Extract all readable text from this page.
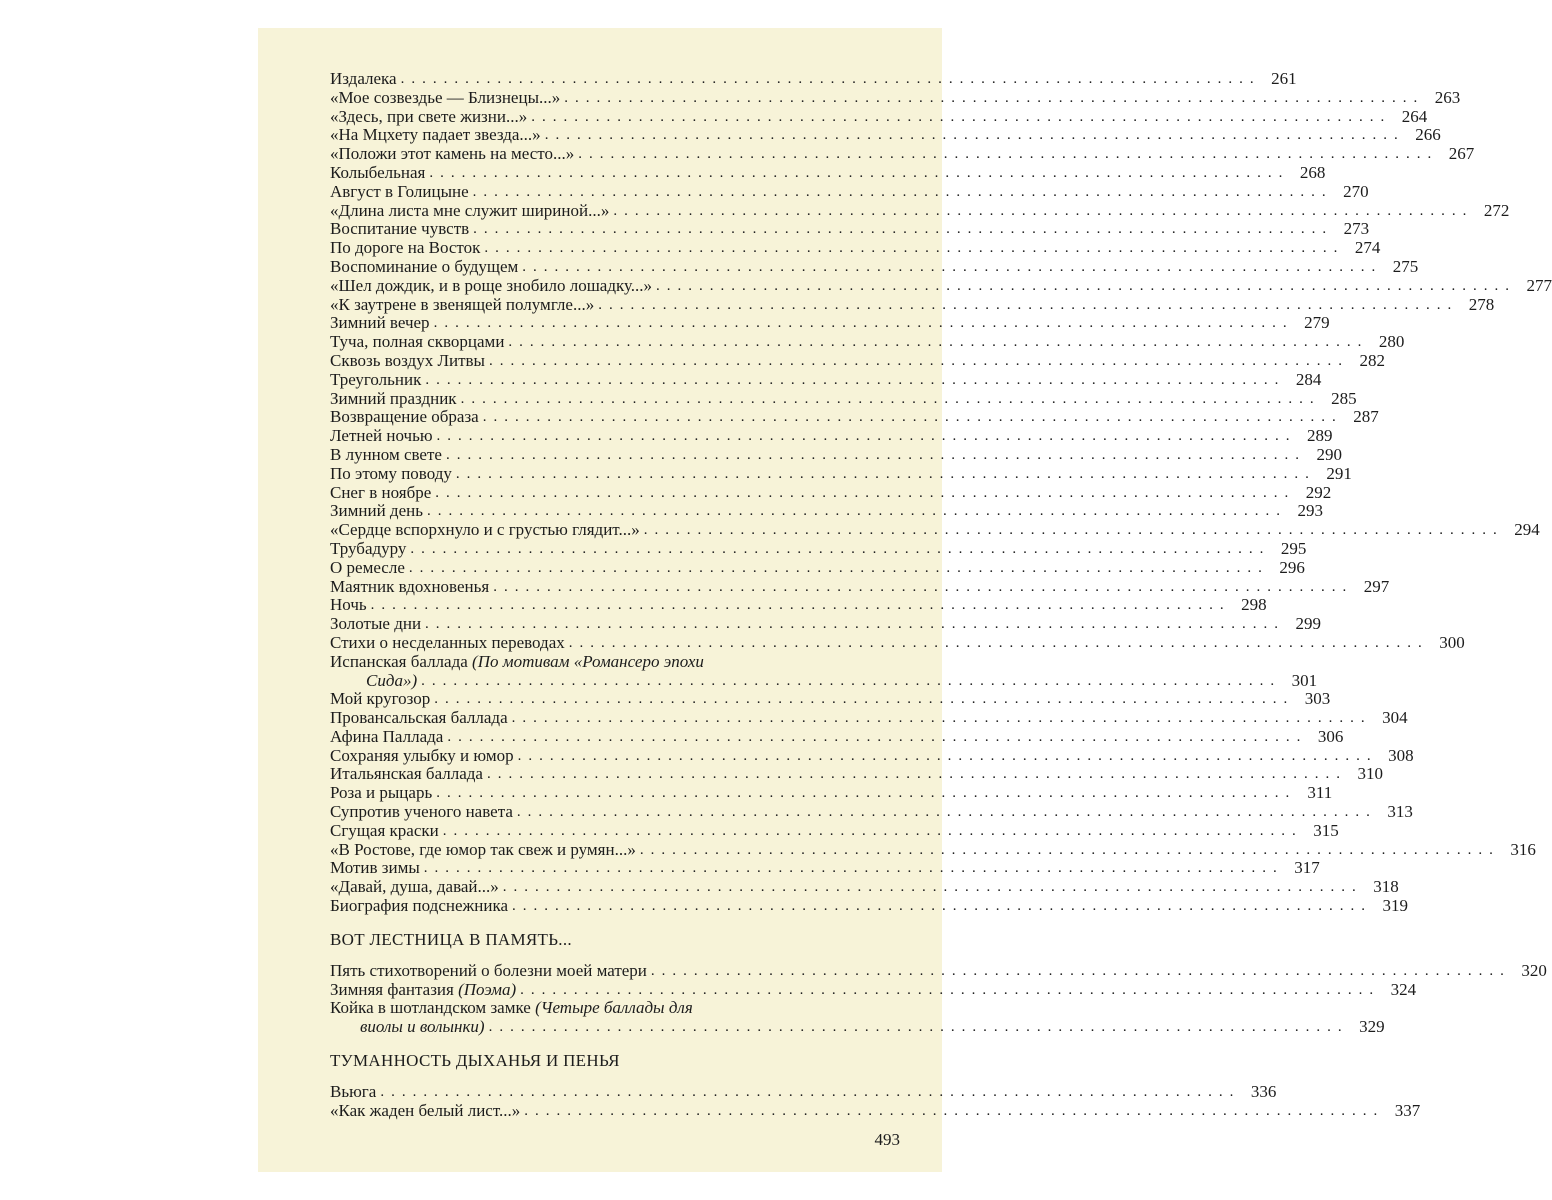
Издалека ................................................................................ 261
«Мое созвездье — Близнецы...» ................................................................................ 263
«Здесь, при свете жизни...» ................................................................................ 264
«На Мцхету падает звезда...» ................................................................................ 266
«Положи этот камень на место...» ................................................................................ 267
Колыбельная ................................................................................ 268
Август в Голицыне ................................................................................ 270
«Длина листа мне служит шириной...» ................................................................................ 272
Воспитание чувств ................................................................................ 273
По дороге на Восток ................................................................................ 274
Воспоминание о будущем ................................................................................ 275
«Шел дождик, и в роще знобило лошадку...» ................................................................................ 277
«К заутрене в звенящей полумгле...» ................................................................................ 278
Зимний вечер ................................................................................ 279
Туча, полная скворцами ................................................................................ 280
Сквозь воздух Литвы ................................................................................ 282
Треугольник ................................................................................ 284
Зимний праздник ................................................................................ 285
Возвращение образа ................................................................................ 287
Летней ночью ................................................................................ 289
В лунном свете ................................................................................ 290
По этому поводу ................................................................................ 291
Снег в ноябре ................................................................................ 292
Зимний день ................................................................................ 293
«Сердце вспорхнуло и с грустью глядит...» ................................................................................ 294
Трубадуру ................................................................................ 295
О ремесле ................................................................................ 296
Маятник вдохновенья ................................................................................ 297
Ночь ................................................................................ 298
Золотые дни ................................................................................ 299
Стихи о несделанных переводах ................................................................................ 300
Испанская баллада (По мотивам «Романсеро эпохи
Сида») ................................................................................ 301
Мой кругозор ................................................................................ 303
Провансальская баллада ................................................................................ 304
Афина Паллада ................................................................................ 306
Сохраняя улыбку и юмор ................................................................................ 308
Итальянская баллада ................................................................................ 310
Роза и рыцарь ................................................................................ 311
Супротив ученого навета ................................................................................ 313
Сгущая краски ................................................................................ 315
«В Ростове, где юмор так свеж и румян...» ................................................................................ 316
Мотив зимы ................................................................................ 317
«Давай, душа, давай...» ................................................................................ 318
Биография подснежника ................................................................................ 319
ВОТ ЛЕСТНИЦА В ПАМЯТЬ...
Пять стихотворений о болезни моей матери ................................................................................ 320
Зимняя фантазия (Поэма) ................................................................................ 324
Койка в шотландском замке (Четыре баллады для
виолы и волынки) ................................................................................ 329
ТУМАННОСТЬ ДЫХАНЬЯ И ПЕНЬЯ
Вьюга ................................................................................ 336
«Как жаден белый лист...» ................................................................................ 337
493
